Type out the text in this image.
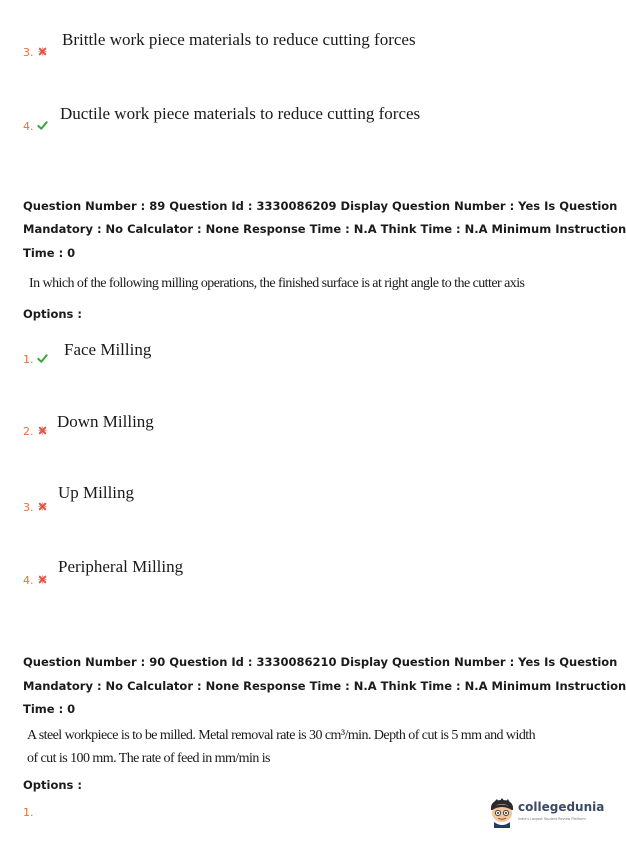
Brittle work piece materials to reduce cutting forces
3.
Ductile work piece materials to reduce cutting forces
4.
Question Number : 89 Question Id : 3330086209 Display Question Number : Yes Is Question
Mandatory : No Calculator : None Response Time : N.A Think Time : N.A Minimum Instruction
Time : 0
In which of the following milling operations, the finished surface is at right angle to the cutter axis
Options :
Face Milling
1.
Down Milling
2.
Up Milling
3.
Peripheral Milling
4.
Question Number : 90 Question Id : 3330086210 Display Question Number : Yes Is Question
Mandatory : No Calculator : None Response Time : N.A Think Time : N.A Minimum Instruction
Time : 0
A steel workpiece is to be milled. Metal removal rate is 30 cm³/min. Depth of cut is 5 mm and width
of cut is 100 mm. The rate of feed in mm/min is
Options :
1.	collegedunia
India's Largest Student Review Platform
